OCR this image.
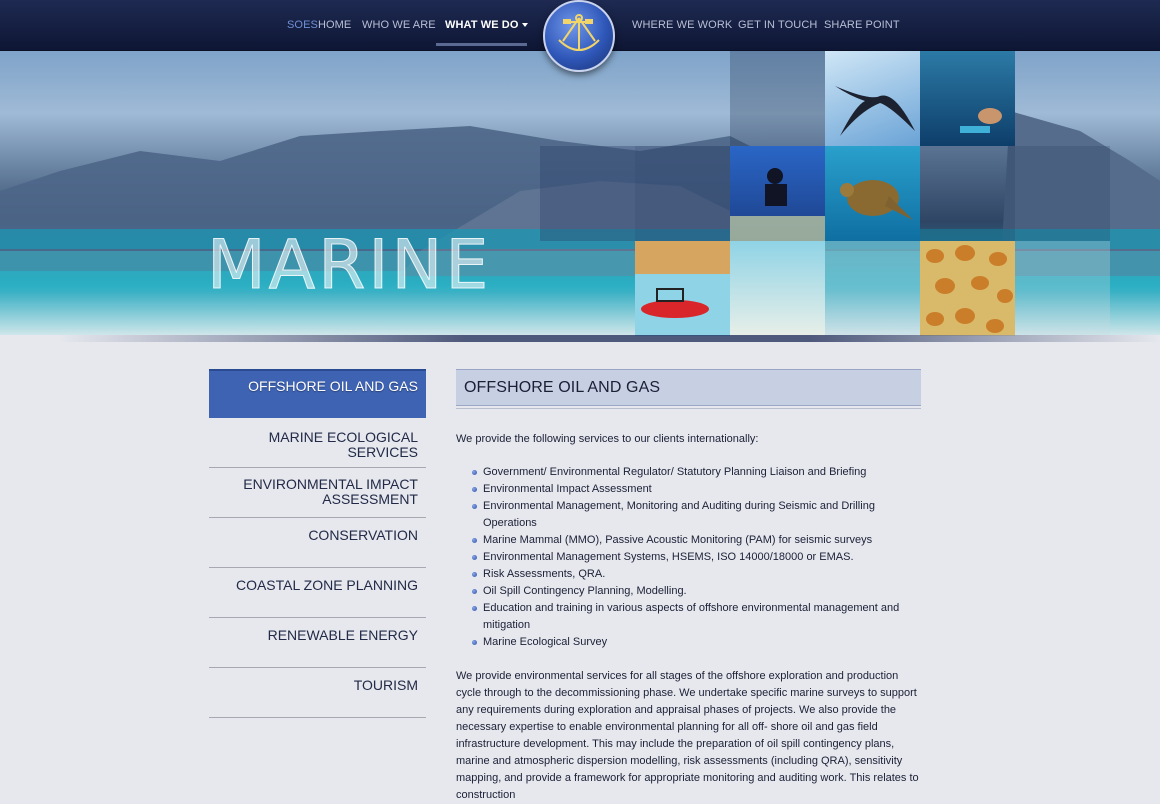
SOESHOME WHO WE ARE WHAT WE DO	WHERE WE WORK GET IN TOUCH SHARE POINT
MARINE
OFFSHORE OIL AND GAS
MARINE ECOLOGICAL SERVICES
ENVIRONMENTAL IMPACT ASSESSMENT
CONSERVATION
COASTAL ZONE PLANNING
RENEWABLE ENERGY
TOURISM
OFFSHORE OIL AND GAS

We provide the following services to our clients internationally:

Government/ Environmental Regulator/ Statutory Planning Liaison and Briefing
Environmental Impact Assessment
Environmental Management, Monitoring and Auditing during Seismic and Drilling Operations
Marine Mammal (MMO), Passive Acoustic Monitoring (PAM) for seismic surveys
Environmental Management Systems, HSEMS, ISO 14000/18000 or EMAS.
Risk Assessments, QRA.
Oil Spill Contingency Planning, Modelling.
Education and training in various aspects of offshore environmental management and mitigation
Marine Ecological Survey

We provide environmental services for all stages of the offshore exploration and production cycle through to the decommissioning phase. We undertake specific marine surveys to support any requirements during exploration and appraisal phases of projects. We also provide the necessary expertise to enable environmental planning for all off- shore oil and gas field infrastructure development. This may include the preparation of oil spill contingency plans, marine and atmospheric dispersion modelling, risk assessments (including QRA), sensitivity mapping, and provide a framework for appropriate monitoring and auditing work. This relates to construction
